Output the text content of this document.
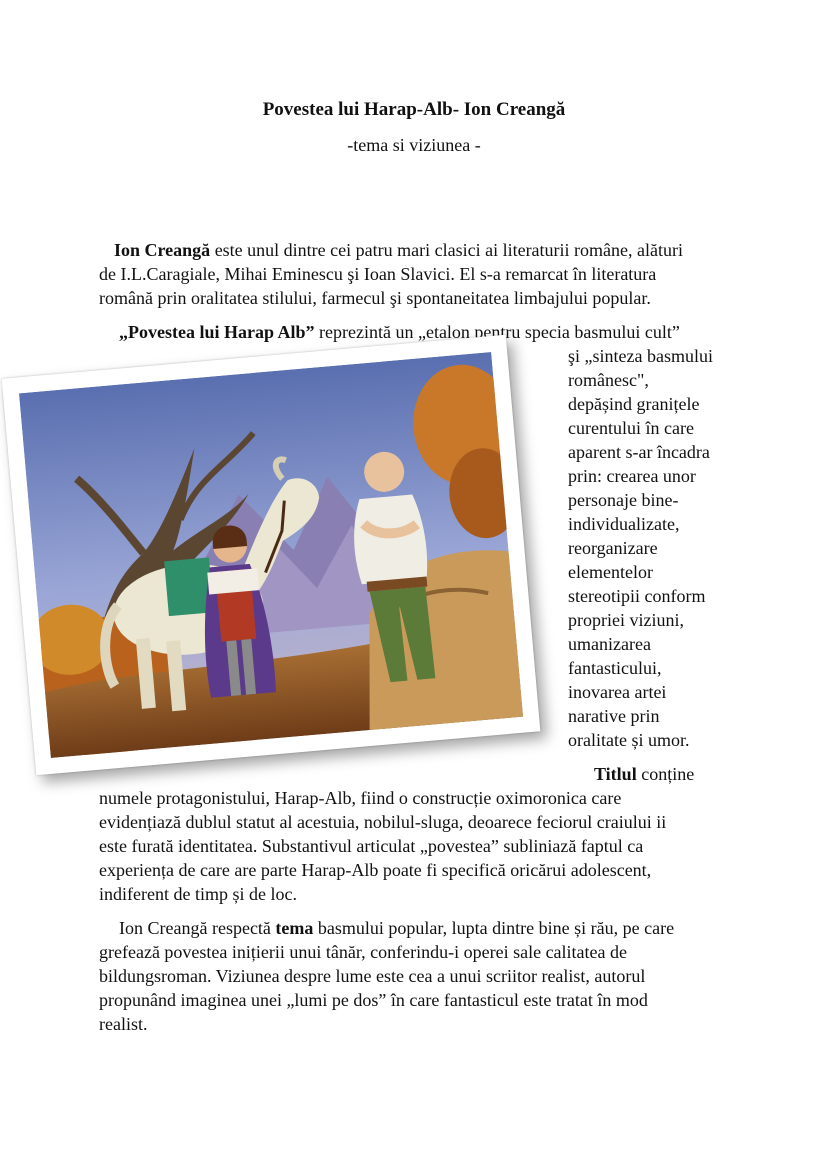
Povestea lui Harap-Alb- Ion Creangă
-tema si viziunea -
Ion Creangă este unul dintre cei patru mari clasici ai literaturii române, alături
de I.L.Caragiale, Mihai Eminescu şi Ioan Slavici. El s-a remarcat în literatura
română prin oralitatea stilului, farmecul şi spontaneitatea limbajului popular.
„Povestea lui Harap Alb” reprezintă un „etalon pentru specia basmului cult”
şi „sinteza basmului
românesc",
depășind granițele
curentului în care
aparent s-ar încadra
prin: crearea unor
personaje bine-
individualizate,
reorganizare
elementelor
stereotipii conform
propriei viziuni,
umanizarea
fantasticului,
inovarea artei
narative prin
oralitate și umor.
Titlul conține
numele protagonistului, Harap-Alb, fiind o construcție oximoronica care
evidențiază dublul statut al acestuia, nobilul-sluga, deoarece feciorul craiului ii
este furată identitatea. Substantivul articulat „povestea” subliniază faptul ca
experiența de care are parte Harap-Alb poate fi specifică oricărui adolescent,
indiferent de timp și de loc.
Ion Creangă respectă tema basmului popular, lupta dintre bine și rău, pe care
grefează povestea inițierii unui tânăr, conferindu-i operei sale calitatea de
bildungsroman. Viziunea despre lume este cea a unui scriitor realist, autorul
propunând imaginea unei „lumi pe dos” în care fantasticul este tratat în mod
realist.
